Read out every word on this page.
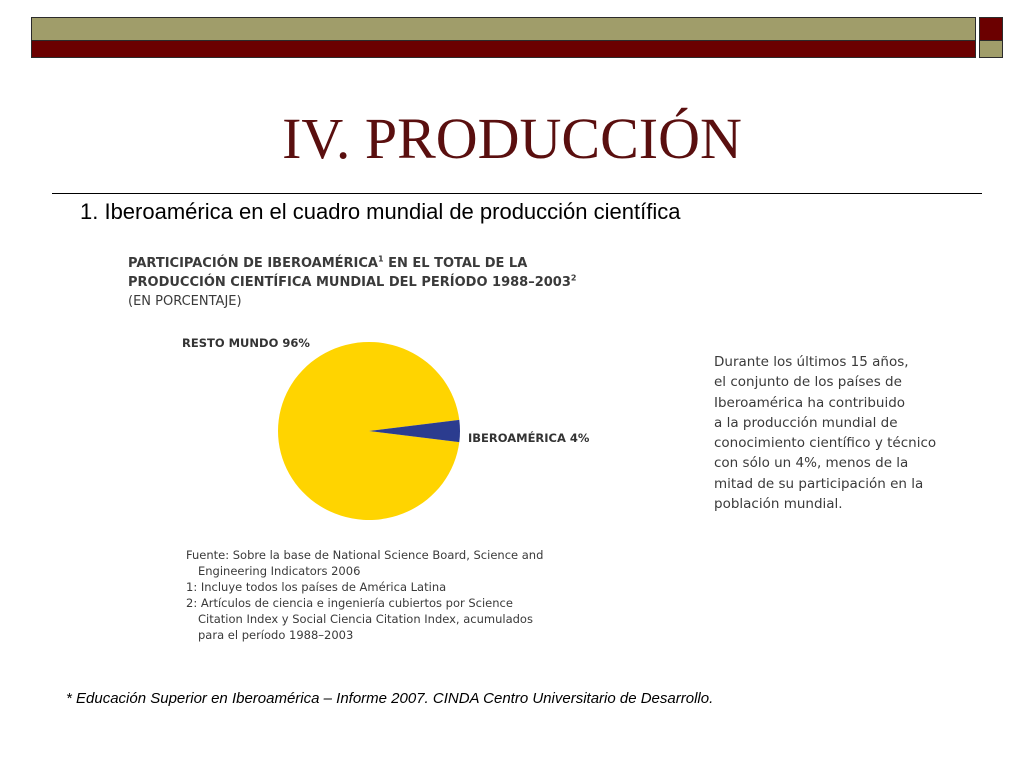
IV. PRODUCCIÓN
1. Iberoamérica en el cuadro mundial de producción científica
PARTICIPACIÓN DE IBEROAMÉRICA$^1$ EN EL TOTAL DE LA
PRODUCCIÓN CIENTÍFICA MUNDIAL DEL PERÍODO 1988–2003$^2$
(EN PORCENTAJE)
RESTO MUNDO 96%
IBEROAMÉRICA 4%
Durante los últimos 15 años,
el conjunto de los países de
Iberoamérica ha contribuido
a la producción mundial de
conocimiento científico y técnico
con sólo un 4%, menos de la
mitad de su participación en la
población mundial.
Fuente: Sobre la base de National Science Board, Science and
Engineering Indicators 2006
1: Incluye todos los países de América Latina
2: Artículos de ciencia e ingeniería cubiertos por Science
Citation Index y Social Ciencia Citation Index, acumulados
para el período 1988–2003
* Educación Superior en Iberoamérica – Informe 2007. CINDA Centro Universitario de Desarrollo.
